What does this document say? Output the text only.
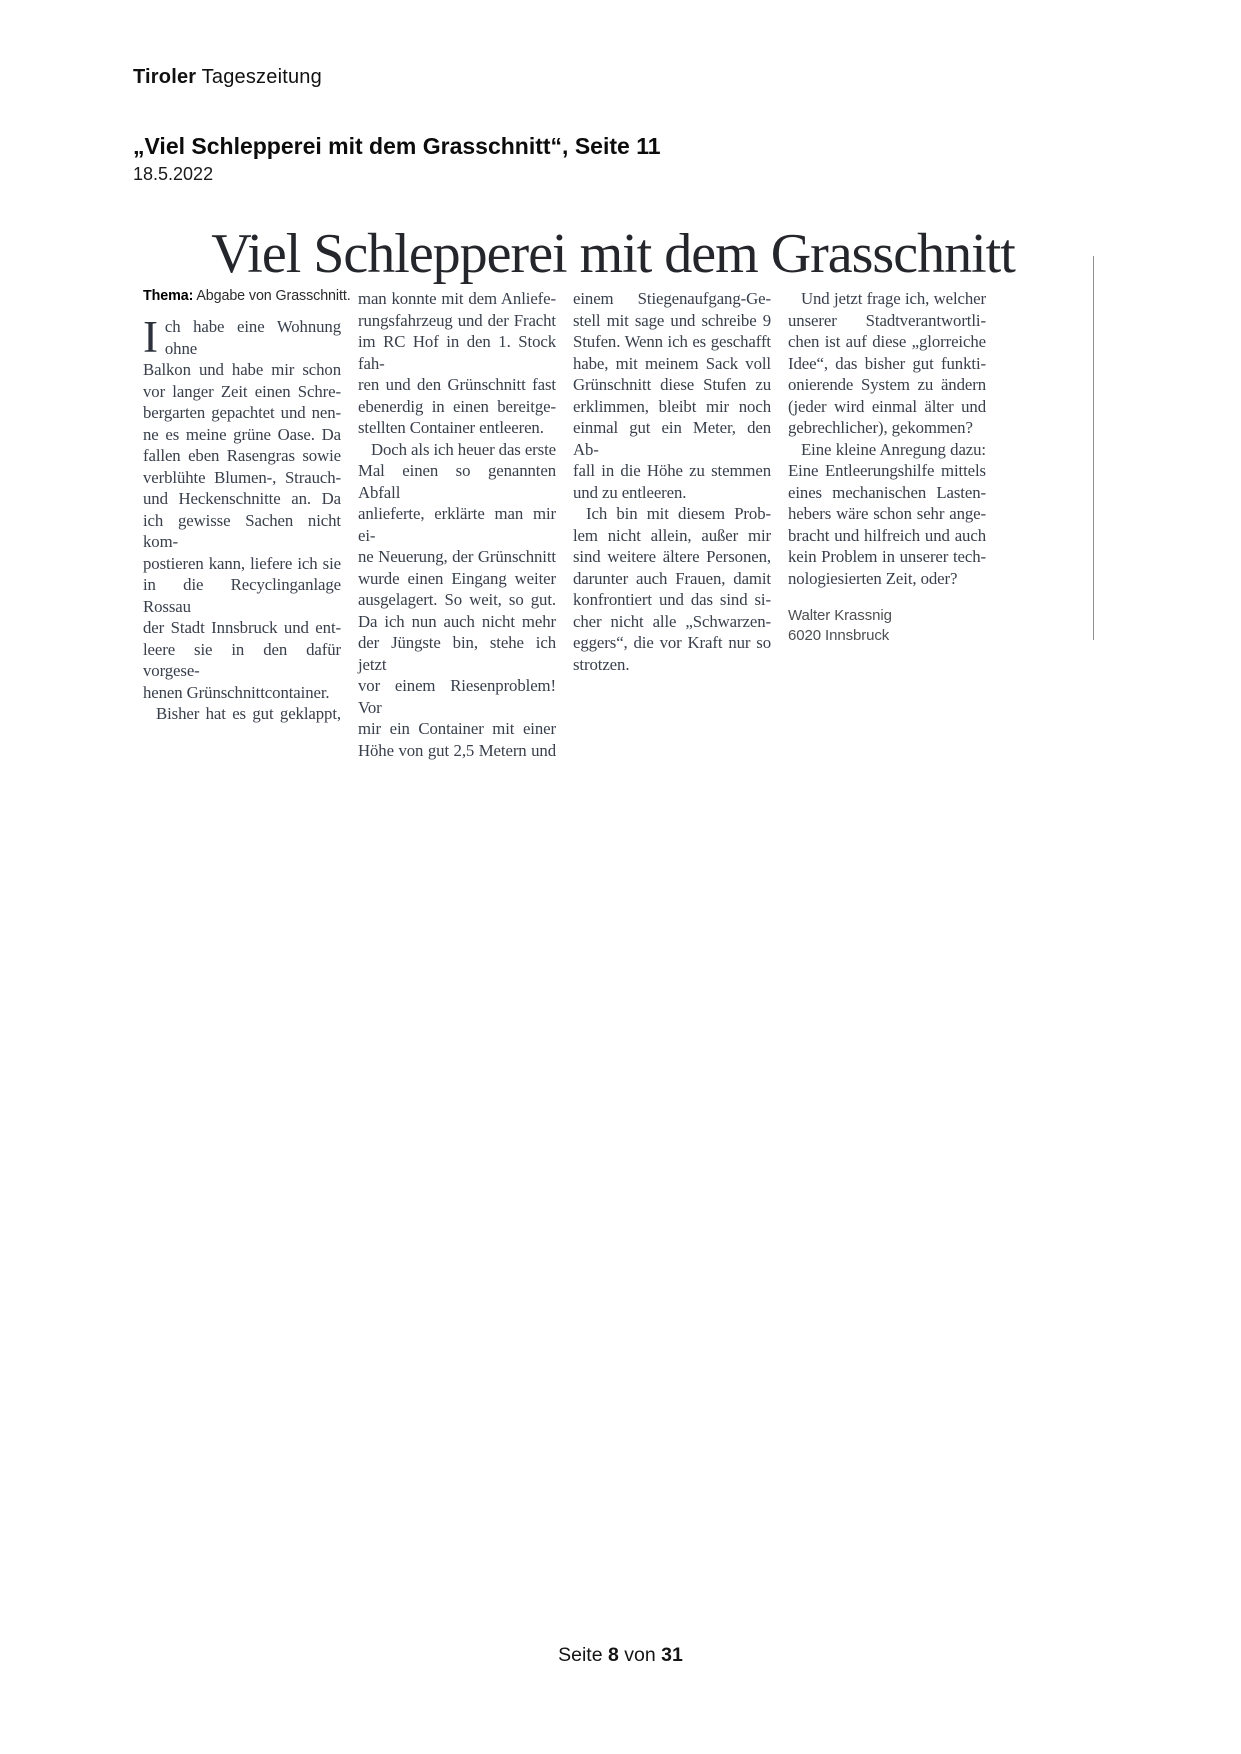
Tiroler Tageszeitung
„Viel Schlepperei mit dem Grasschnitt“, Seite 11
18.5.2022
Viel Schlepperei mit dem Grasschnitt
Thema: Abgabe von Grasschnitt.
I ch habe eine Wohnung ohne
Balkon und habe mir schon
vor langer Zeit einen Schre-
bergarten gepachtet und nen-
ne es meine grüne Oase. Da
fallen eben Rasengras sowie
verblühte Blumen-, Strauch-
und Heckenschnitte an. Da
ich gewisse Sachen nicht kom-
postieren kann, liefere ich sie
in die Recyclinganlage Rossau
der Stadt Innsbruck und ent-
leere sie in den dafür vorgese-
henen Grünschnittcontainer.
Bisher hat es gut geklappt,
man konnte mit dem Anliefe-
rungsfahrzeug und der Fracht
im RC Hof in den 1. Stock fah-
ren und den Grünschnitt fast
ebenerdig in einen bereitge-
stellten Container entleeren.
Doch als ich heuer das erste
Mal einen so genannten Abfall
anlieferte, erklärte man mir ei-
ne Neuerung, der Grünschnitt
wurde einen Eingang weiter
ausgelagert. So weit, so gut.
Da ich nun auch nicht mehr
der Jüngste bin, stehe ich jetzt
vor einem Riesenproblem! Vor
mir ein Container mit einer
Höhe von gut 2,5 Metern und
einem Stiegenaufgang-Ge-
stell mit sage und schreibe 9
Stufen. Wenn ich es geschafft
habe, mit meinem Sack voll
Grünschnitt diese Stufen zu
erklimmen, bleibt mir noch
einmal gut ein Meter, den Ab-
fall in die Höhe zu stemmen
und zu entleeren.
Ich bin mit diesem Prob-
lem nicht allein, außer mir
sind weitere ältere Personen,
darunter auch Frauen, damit
konfrontiert und das sind si-
cher nicht alle „Schwarzen-
eggers“, die vor Kraft nur so
strotzen.
Und jetzt frage ich, welcher
unserer Stadtverantwortli-
chen ist auf diese „glorreiche
Idee“, das bisher gut funkti-
onierende System zu ändern
(jeder wird einmal älter und
gebrechlicher), gekommen?
Eine kleine Anregung dazu:
Eine Entleerungshilfe mittels
eines mechanischen Lasten-
hebers wäre schon sehr ange-
bracht und hilfreich und auch
kein Problem in unserer tech-
nologiesierten Zeit, oder?
Walter Krassnig
6020 Innsbruck
Seite 8 von 31
